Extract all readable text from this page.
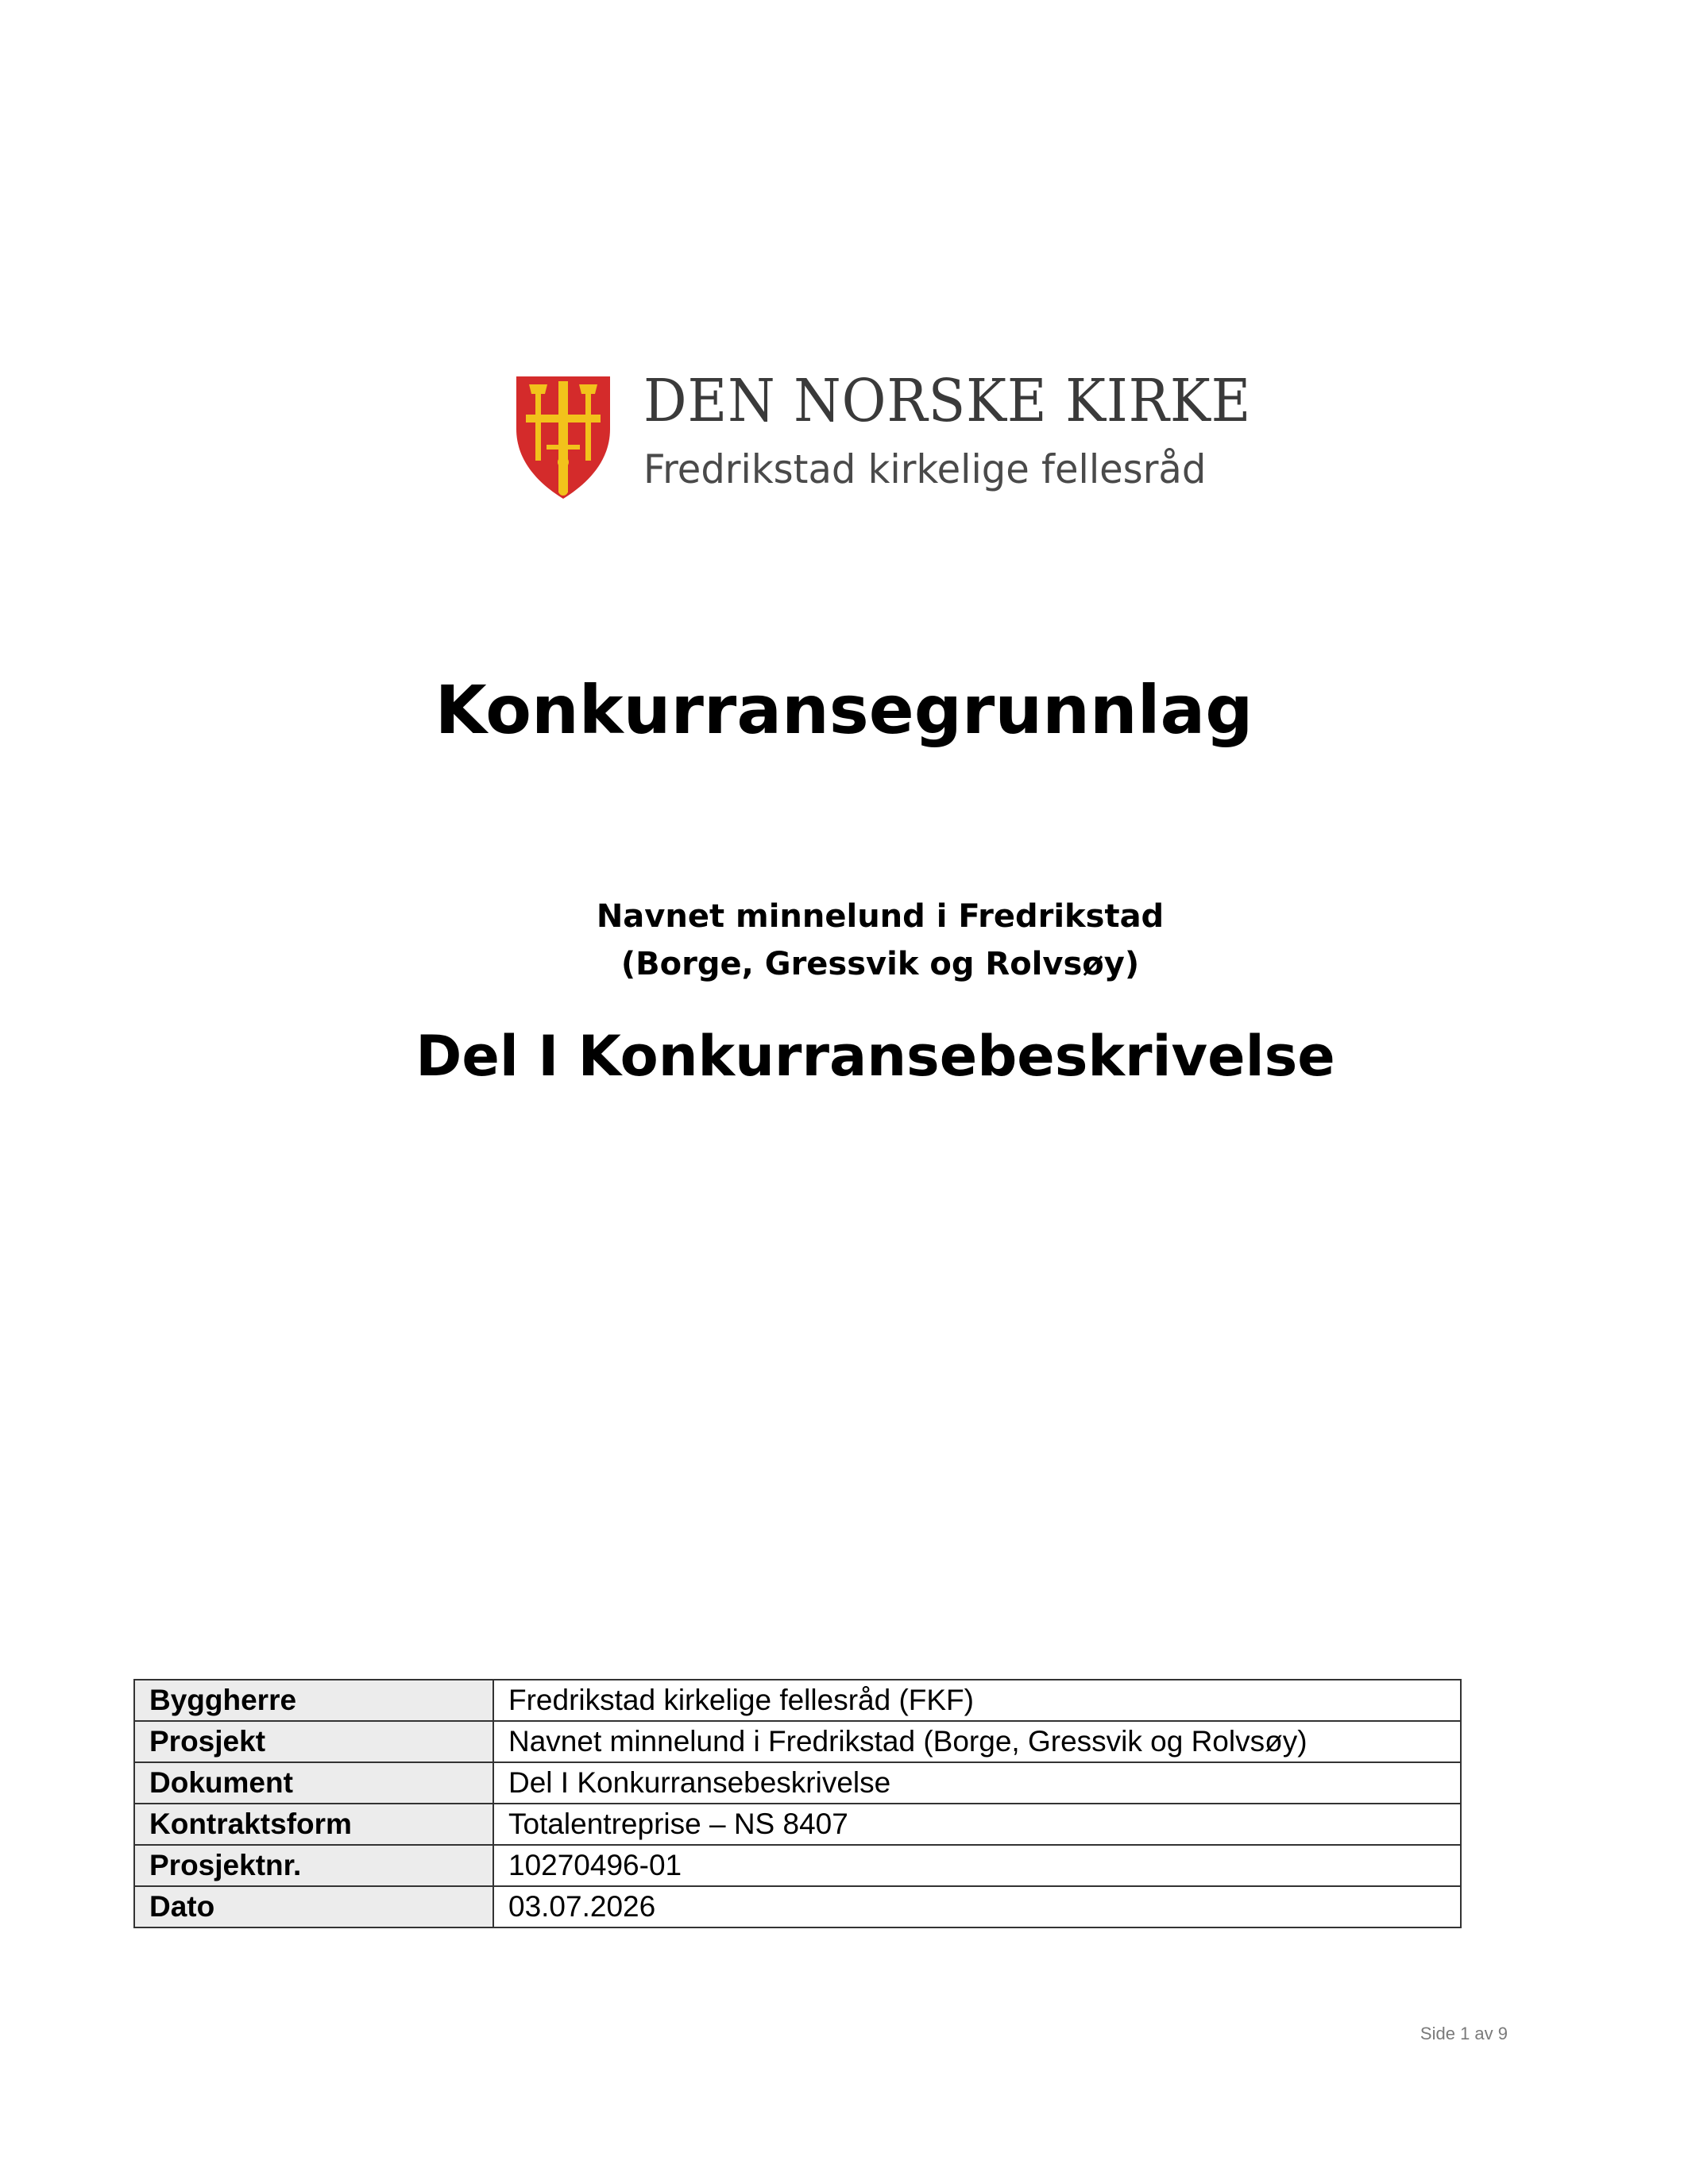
DEN NORSKE KIRKE
Fredrikstad kirkelige fellesråd
Konkurransegrunnlag
Navnet minnelund i Fredrikstad
(Borge, Gressvik og Rolvsøy)
Del I Konkurransebeskrivelse
Byggherre	Fredrikstad kirkelige fellesråd (FKF)
Prosjekt	Navnet minnelund i Fredrikstad (Borge, Gressvik og Rolvsøy)
Dokument	Del I Konkurransebeskrivelse
Kontraktsform	Totalentreprise – NS 8407
Prosjektnr.	10270496-01
Dato	03.07.2026
Side 1 av 9
